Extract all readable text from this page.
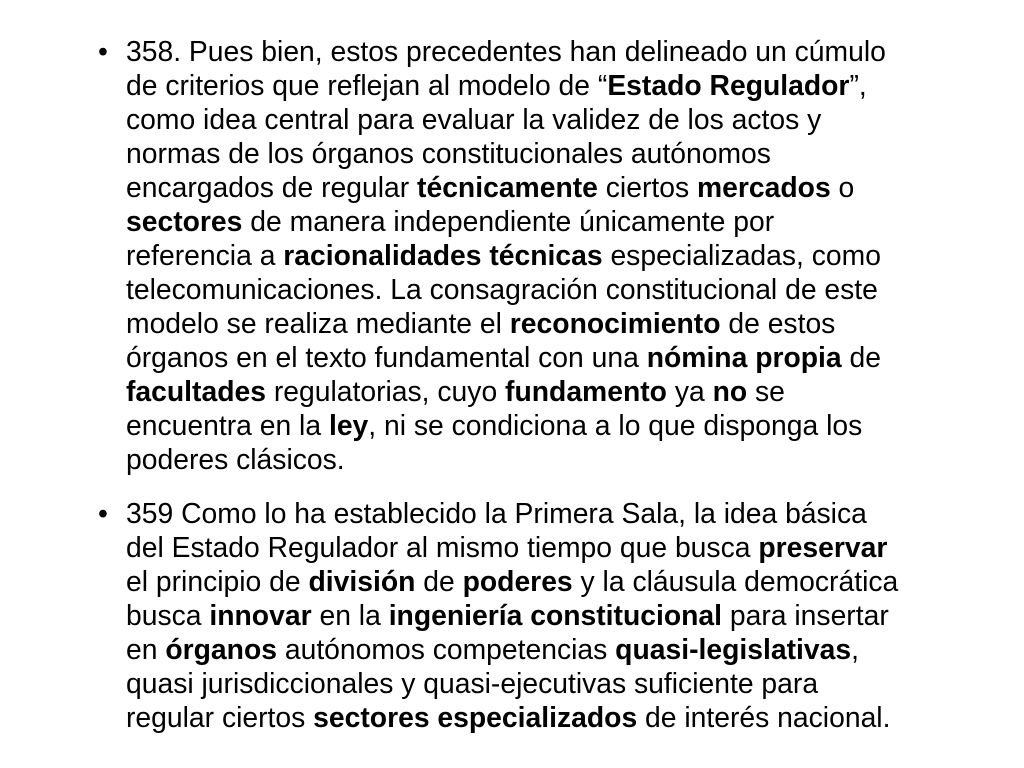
• 358. Pues bien, estos precedentes han delineado un cúmulo
de criterios que reflejan al modelo de “Estado Regulador”,
como idea central para evaluar la validez de los actos y
normas de los órganos constitucionales autónomos
encargados de regular técnicamente ciertos mercados o
sectores de manera independiente únicamente por
referencia a racionalidades técnicas especializadas, como
telecomunicaciones. La consagración constitucional de este
modelo se realiza mediante el reconocimiento de estos
órganos en el texto fundamental con una nómina propia de
facultades regulatorias, cuyo fundamento ya no se
encuentra en la ley, ni se condiciona a lo que disponga los
poderes clásicos.
• 359 Como lo ha establecido la Primera Sala, la idea básica
del Estado Regulador al mismo tiempo que busca preservar
el principio de división de poderes y la cláusula democrática
busca innovar en la ingeniería constitucional para insertar
en órganos autónomos competencias quasi-legislativas,
quasi jurisdiccionales y quasi-ejecutivas suficiente para
regular ciertos sectores especializados de interés nacional.
